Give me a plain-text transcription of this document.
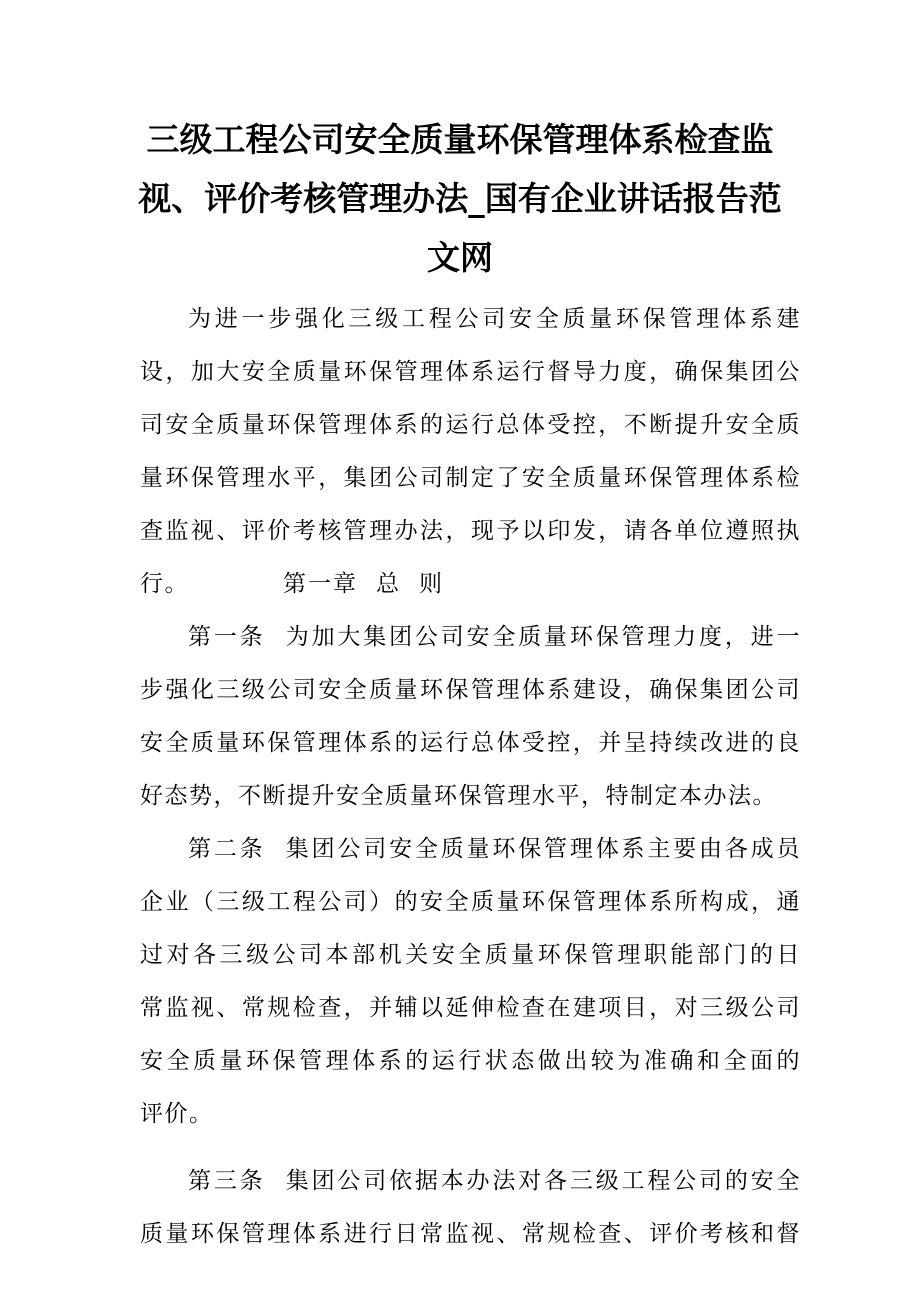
三级工程公司安全质量环保管理体系检查监
视、评价考核管理办法_国有企业讲话报告范
文网
为进一步强化三级工程公司安全质量环保管理体系建
设，加大安全质量环保管理体系运行督导力度，确保集团公
司安全质量环保管理体系的运行总体受控，不断提升安全质
量环保管理水平，集团公司制定了安全质量环保管理体系检
查监视、评价考核管理办法，现予以印发，请各单位遵照执
行。	第一章 总 则
第一条  为加大集团公司安全质量环保管理力度，进一
步强化三级公司安全质量环保管理体系建设，确保集团公司
安全质量环保管理体系的运行总体受控，并呈持续改进的良
好态势，不断提升安全质量环保管理水平，特制定本办法。
第二条  集团公司安全质量环保管理体系主要由各成员
企业（三级工程公司）的安全质量环保管理体系所构成，通
过对各三级公司本部机关安全质量环保管理职能部门的日
常监视、常规检查，并辅以延伸检查在建项目，对三级公司
安全质量环保管理体系的运行状态做出较为准确和全面的
评价。
第三条  集团公司依据本办法对各三级工程公司的安全
质量环保管理体系进行日常监视、常规检查、评价考核和督
